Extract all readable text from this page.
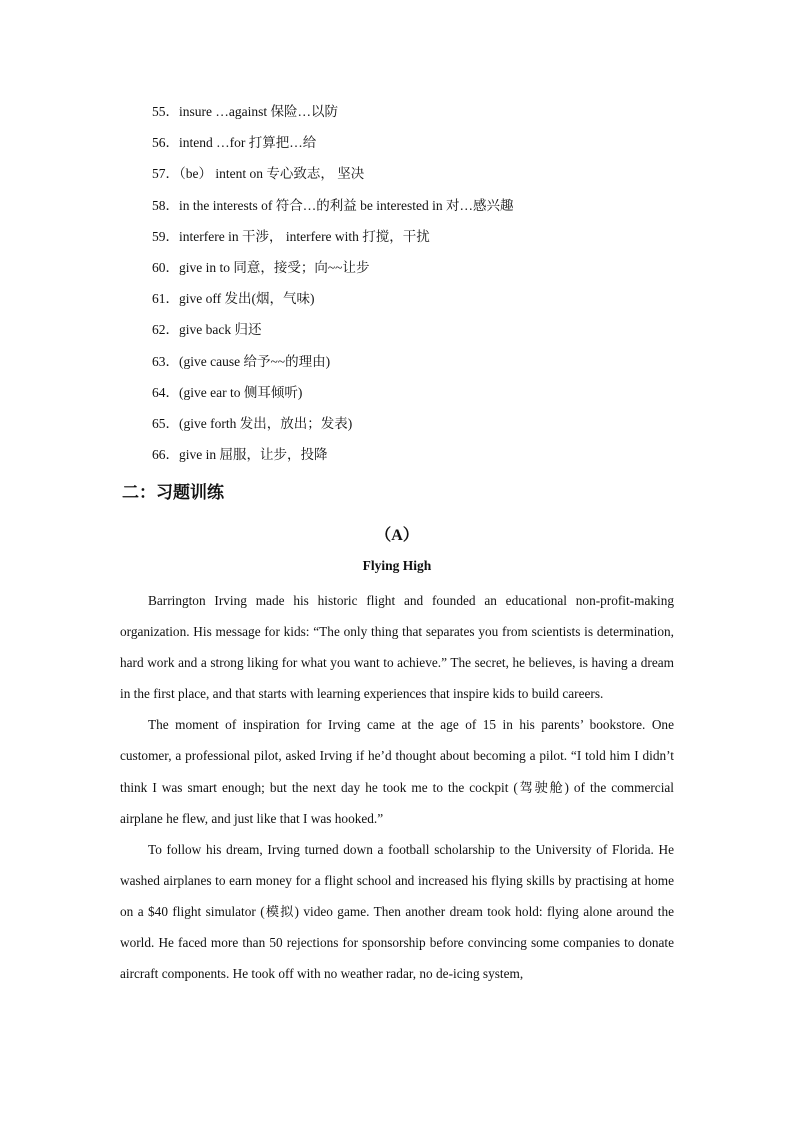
55．insure …against 保险…以防
56．intend …for 打算把…给
57．（be） intent on 专心致志， 坚决
58．in the interests of 符合…的利益 be interested in 对…感兴趣
59．interfere in 干涉， interfere with 打搅，干扰
60．give in to 同意，接受；向~~让步
61．give off 发出(烟，气味)
62．give back 归还
63．(give cause 给予~~的理由)
64．(give ear to 侧耳倾听)
65．(give forth 发出，放出；发表)
66．give in 屈服，让步，投降
二：习题训练
（A）
Flying High

Barrington Irving made his historic flight and founded an educational non-profit-making organization. His message for kids: “The only thing that separates you from scientists is determination, hard work and a strong liking for what you want to achieve.” The secret, he believes, is having a dream in the first place, and that starts with learning experiences that inspire kids to build careers.

The moment of inspiration for Irving came at the age of 15 in his parents’ bookstore. One customer, a professional pilot, asked Irving if he’d thought about becoming a pilot. “I told him I didn’t think I was smart enough; but the next day he took me to the cockpit (驾驶舱) of the commercial airplane he flew, and just like that I was hooked.”

To follow his dream, Irving turned down a football scholarship to the University of Florida. He washed airplanes to earn money for a flight school and increased his flying skills by practising at home on a $40 flight simulator (模拟) video game. Then another dream took hold: flying alone around the world. He faced more than 50 rejections for sponsorship before convincing some companies to donate aircraft components. He took off with no weather radar, no de-icing system,
